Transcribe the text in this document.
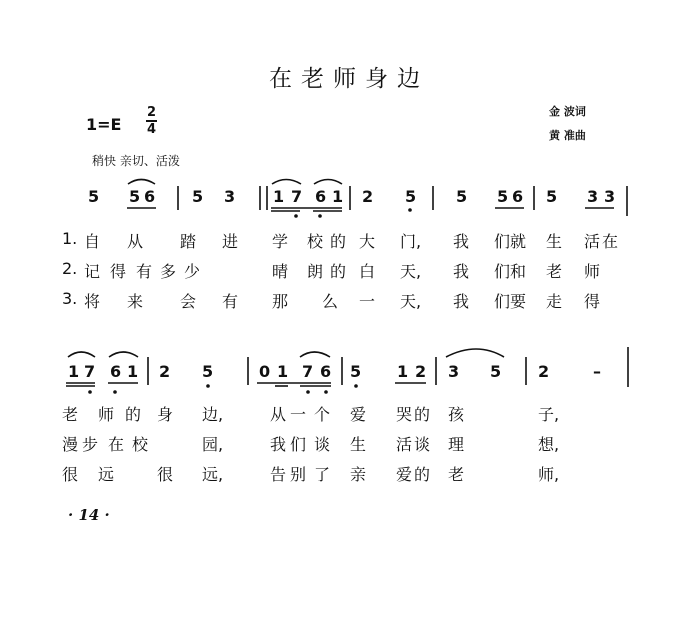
在老师身边
1=E
2
4
金 波词
黄 准曲
稍快 亲切、活泼
5 5 6 5 3 1 7 6 1 2 5 5 5 6 5 3 3
1. 自 从 踏 进 学 校 的 大 门, 我 们 就 生 活 在
2. 记 得 有 多 少	晴 朗 的 白 天, 我 们 和 老 师
3. 将 来 会 有 那 么 一 天, 我 们 要 走 得
1 7 6 1 2 5	0 1 7 6 5 1 2 3 5 2	–
老 师 的 身 边,	从 一 个 爱 哭 的 孩	子,
漫 步 在 校	园,	我 们 谈 生 活 谈 理	想,
很 远	很 远,	告 别 了 亲 爱 的 老	师,
· 14 ·
